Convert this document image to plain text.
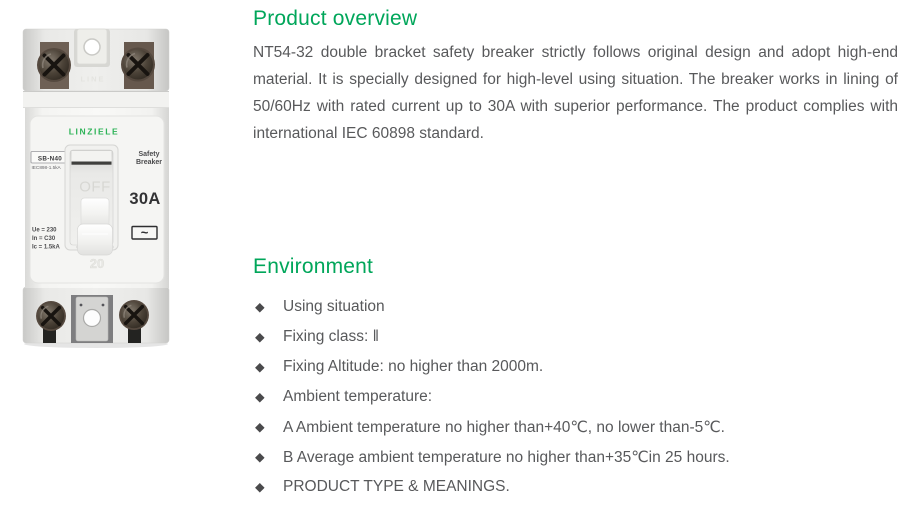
LINE
LINZIELE
SB-N40
IEC898-1.5kA
Safety
Breaker
OFF
30A
Ue = 230
In = C30
Ic = 1.5kA
~
20
Product overview

NT54-32 double bracket safety breaker strictly follows original design and adopt high-end material. It is specially designed for high-level using situation. The breaker works in lining of 50/60Hz with rated current up to 30A with superior performance. The product complies with international IEC 60898 standard.

Environment
◆ Using situation
◆ Fixing class: ‖
◆ Fixing Altitude: no higher than 2000m.
◆ Ambient temperature:
◆ A Ambient temperature no higher than+40℃, no lower than-5℃.
◆ B Average ambient temperature no higher than+35℃in 25 hours.
◆ PRODUCT TYPE & MEANINGS.
